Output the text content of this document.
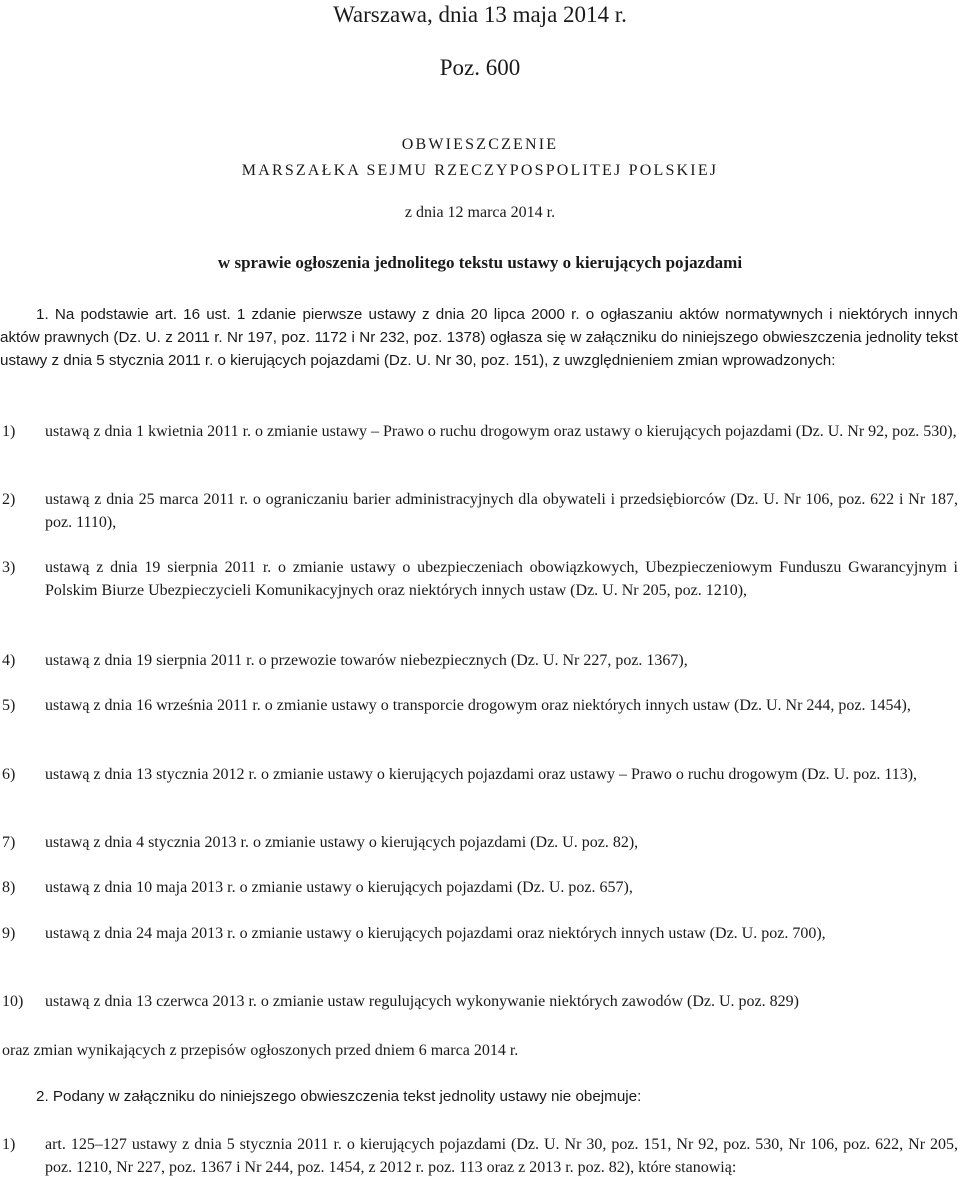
Warszawa, dnia 13 maja 2014 r.
Poz. 600
OBWIESZCZENIE
MARSZAŁKA SEJMU RZECZYPOSPOLITEJ POLSKIEJ
z dnia 12 marca 2014 r.
w sprawie ogłoszenia jednolitego tekstu ustawy o kierujących pojazdami
1. Na podstawie art. 16 ust. 1 zdanie pierwsze ustawy z dnia 20 lipca 2000 r. o ogłaszaniu aktów normatywnych i niektórych innych aktów prawnych (Dz. U. z 2011 r. Nr 197, poz. 1172 i Nr 232, poz. 1378) ogłasza się w załączniku do niniejszego obwieszczenia jednolity tekst ustawy z dnia 5 stycznia 2011 r. o kierujących pojazdami (Dz. U. Nr 30, poz. 151), z uwzględnieniem zmian wprowadzonych:
1) ustawą z dnia 1 kwietnia 2011 r. o zmianie ustawy – Prawo o ruchu drogowym oraz ustawy o kierujących pojazdami (Dz. U. Nr 92, poz. 530),
2) ustawą z dnia 25 marca 2011 r. o ograniczaniu barier administracyjnych dla obywateli i przedsiębiorców (Dz. U. Nr 106, poz. 622 i Nr 187, poz. 1110),
3) ustawą z dnia 19 sierpnia 2011 r. o zmianie ustawy o ubezpieczeniach obowiązkowych, Ubezpieczeniowym Funduszu Gwarancyjnym i Polskim Biurze Ubezpieczycieli Komunikacyjnych oraz niektórych innych ustaw (Dz. U. Nr 205, poz. 1210),
4) ustawą z dnia 19 sierpnia 2011 r. o przewozie towarów niebezpiecznych (Dz. U. Nr 227, poz. 1367),
5) ustawą z dnia 16 września 2011 r. o zmianie ustawy o transporcie drogowym oraz niektórych innych ustaw (Dz. U. Nr 244, poz. 1454),
6) ustawą z dnia 13 stycznia 2012 r. o zmianie ustawy o kierujących pojazdami oraz ustawy – Prawo o ruchu drogowym (Dz. U. poz. 113),
7) ustawą z dnia 4 stycznia 2013 r. o zmianie ustawy o kierujących pojazdami (Dz. U. poz. 82),
8) ustawą z dnia 10 maja 2013 r. o zmianie ustawy o kierujących pojazdami (Dz. U. poz. 657),
9) ustawą z dnia 24 maja 2013 r. o zmianie ustawy o kierujących pojazdami oraz niektórych innych ustaw (Dz. U. poz. 700),
10) ustawą z dnia 13 czerwca 2013 r. o zmianie ustaw regulujących wykonywanie niektórych zawodów (Dz. U. poz. 829)
oraz zmian wynikających z przepisów ogłoszonych przed dniem 6 marca 2014 r.
2. Podany w załączniku do niniejszego obwieszczenia tekst jednolity ustawy nie obejmuje:
1) art. 125–127 ustawy z dnia 5 stycznia 2011 r. o kierujących pojazdami (Dz. U. Nr 30, poz. 151, Nr 92, poz. 530, Nr 106, poz. 622, Nr 205, poz. 1210, Nr 227, poz. 1367 i Nr 244, poz. 1454, z 2012 r. poz. 113 oraz z 2013 r. poz. 82), które stanowią:
